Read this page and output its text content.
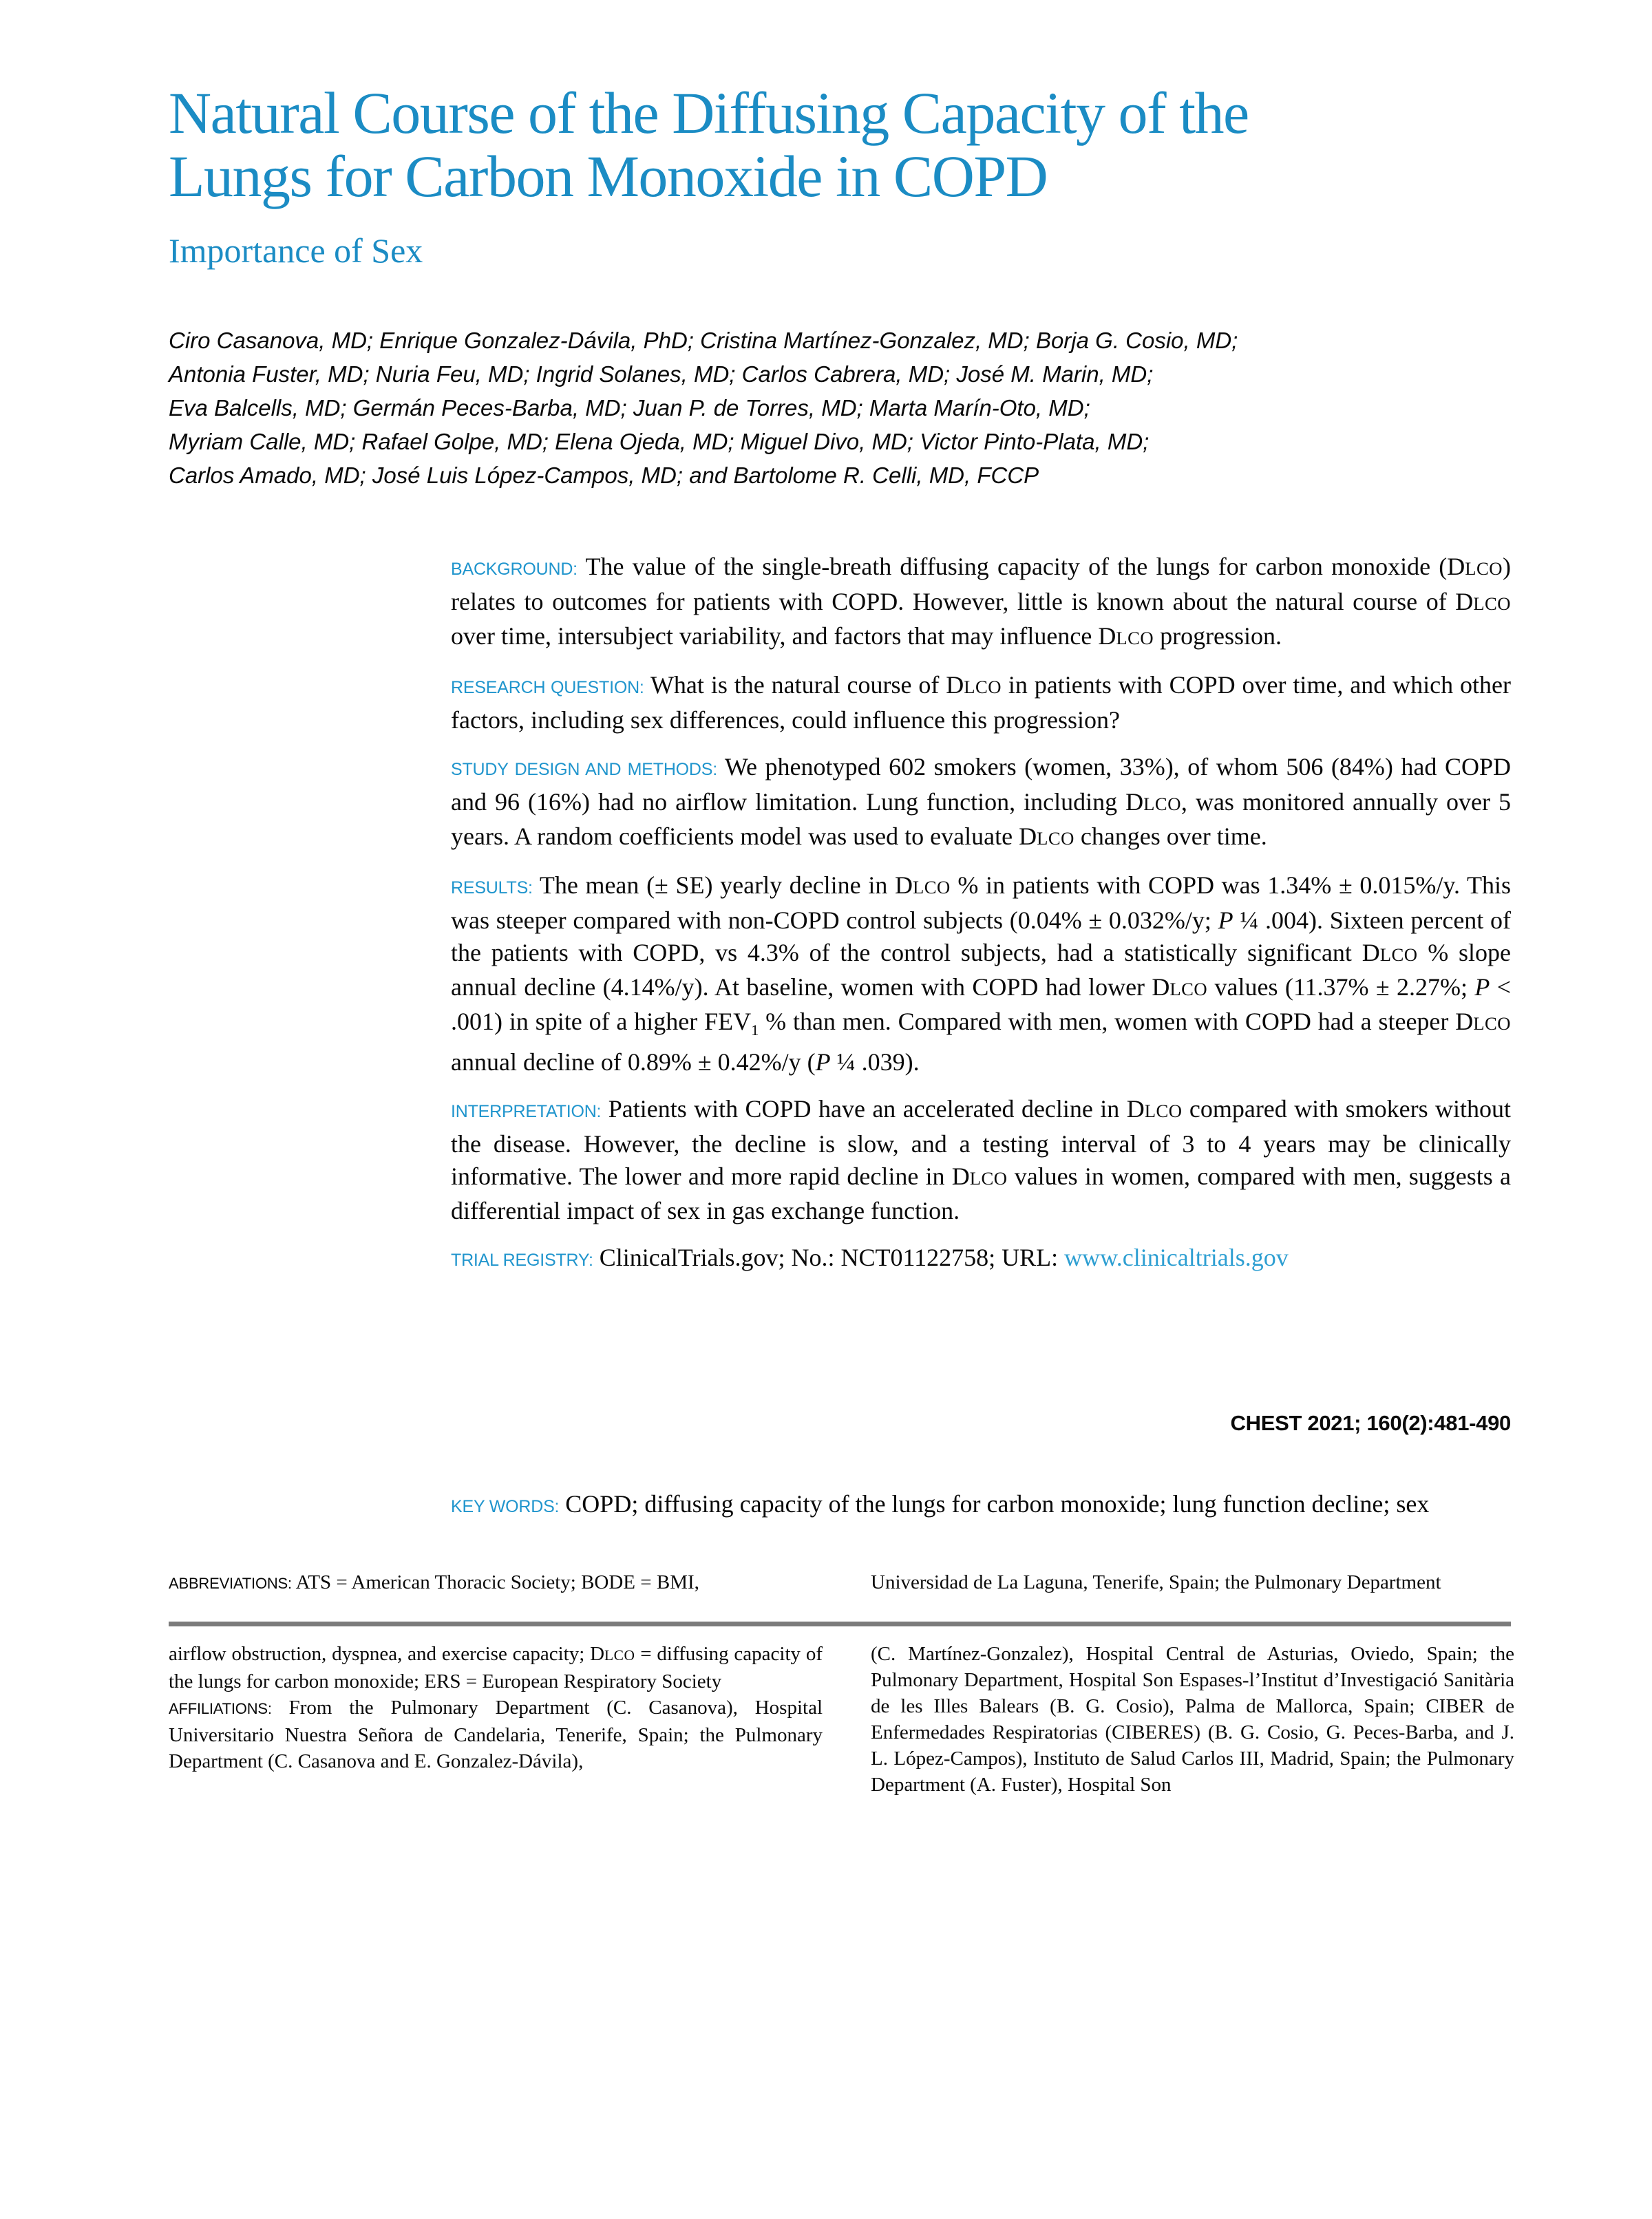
Natural Course of the Diffusing Capacity of the
Lungs for Carbon Monoxide in COPD
Importance of Sex
Ciro Casanova, MD; Enrique Gonzalez-Dávila, PhD; Cristina Martínez-Gonzalez, MD; Borja G. Cosio, MD;
Antonia Fuster, MD; Nuria Feu, MD; Ingrid Solanes, MD; Carlos Cabrera, MD; José M. Marin, MD;
Eva Balcells, MD; Germán Peces-Barba, MD; Juan P. de Torres, MD; Marta Marín-Oto, MD;
Myriam Calle, MD; Rafael Golpe, MD; Elena Ojeda, MD; Miguel Divo, MD; Victor Pinto-Plata, MD;
Carlos Amado, MD; José Luis López-Campos, MD; and Bartolome R. Celli, MD, FCCP

BACKGROUND: The value of the single-breath diffusing capacity of the lungs for carbon monoxide (DLCO) relates to outcomes for patients with COPD. However, little is known about the natural course of DLCO over time, intersubject variability, and factors that may influence DLCO progression.

RESEARCH QUESTION: What is the natural course of DLCO in patients with COPD over time, and which other factors, including sex differences, could influence this progression?

STUDY DESIGN AND METHODS: We phenotyped 602 smokers (women, 33%), of whom 506 (84%) had COPD and 96 (16%) had no airflow limitation. Lung function, including DLCO, was monitored annually over 5 years. A random coefficients model was used to evaluate DLCO changes over time.

RESULTS: The mean (± SE) yearly decline in DLCO % in patients with COPD was 1.34% ± 0.015%/y. This was steeper compared with non-COPD control subjects (0.04% ± 0.032%/y; P ¼ .004). Sixteen percent of the patients with COPD, vs 4.3% of the control subjects, had a statistically significant DLCO % slope annual decline (4.14%/y). At baseline, women with COPD had lower DLCO values (11.37% ± 2.27%; P < .001) in spite of a higher $FEV_1$ % than men. Compared with men, women with COPD had a steeper DLCO annual decline of 0.89% ± 0.42%/y (P ¼ .039).

INTERPRETATION: Patients with COPD have an accelerated decline in DLCO compared with smokers without the disease. However, the decline is slow, and a testing interval of 3 to 4 years may be clinically informative. The lower and more rapid decline in DLCO values in women, compared with men, suggests a differential impact of sex in gas exchange function.

TRIAL REGISTRY: ClinicalTrials.gov; No.: NCT01122758; URL: www.clinicaltrials.gov

CHEST 2021; 160(2):481-490

KEY WORDS: COPD; diffusing capacity of the lungs for carbon monoxide; lung function decline; sex

ABBREVIATIONS: ATS = American Thoracic Society; BODE = BMI,	Universidad de La Laguna, Tenerife, Spain; the Pulmonary Department

airflow obstruction, dyspnea, and exercise capacity; DLCO = diffusing capacity of the lungs for carbon monoxide; ERS = European Respiratory Society

AFFILIATIONS: From the Pulmonary Department (C. Casanova), Hospital Universitario Nuestra Señora de Candelaria, Tenerife, Spain; the Pulmonary Department (C. Casanova and E. Gonzalez-Dávila),

(C. Martínez-Gonzalez), Hospital Central de Asturias, Oviedo, Spain; the Pulmonary Department, Hospital Son Espases-l’Institut d’Investigació Sanitària de les Illes Balears (B. G. Cosio), Palma de Mallorca, Spain; CIBER de Enfermedades Respiratorias (CIBERES) (B. G. Cosio, G. Peces-Barba, and J. L. López-Campos), Instituto de Salud Carlos III, Madrid, Spain; the Pulmonary Department (A. Fuster), Hospital Son
